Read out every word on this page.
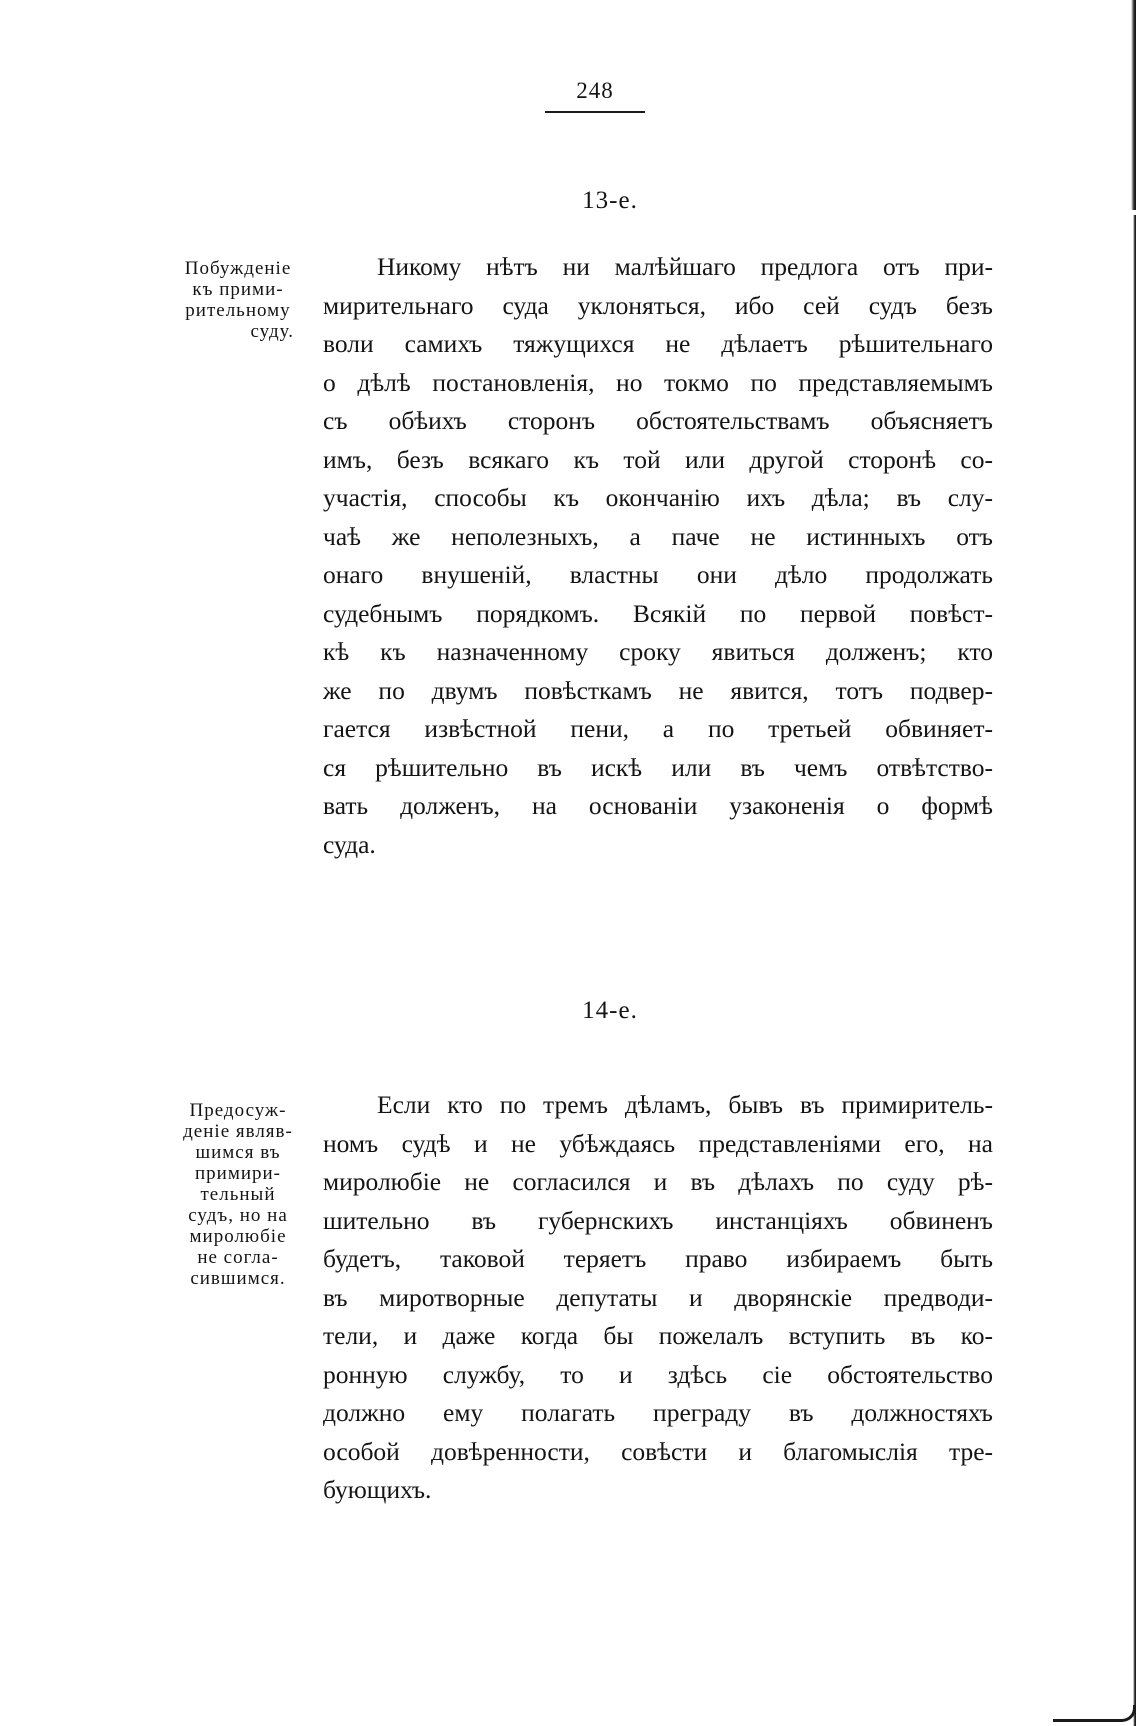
248
13-е.
Побужденіе
къ прими-
рительному
суду.
Никому нѣтъ ни малѣйшаго предлога отъ при-
мирительнаго суда уклоняться, ибо сей судъ безъ
воли самихъ тяжущихся не дѣлаетъ рѣшительнаго
о дѣлѣ постановленія, но токмо по представляемымъ
съ обѣихъ сторонъ обстоятельствамъ объясняетъ
имъ, безъ всякаго къ той или другой сторонѣ со-
участія, способы къ окончанію ихъ дѣла; въ слу-
чаѣ же неполезныхъ, а паче не истинныхъ отъ
онаго внушеній, властны они дѣло продолжать
судебнымъ порядкомъ. Всякій по первой повѣст-
кѣ къ назначенному сроку явиться долженъ; кто
же по двумъ повѣсткамъ не явится, тотъ подвер-
гается извѣстной пени, а по третьей обвиняет-
ся рѣшительно въ искѣ или въ чемъ отвѣтство-
вать долженъ, на основаніи узаконенія о формѣ
суда.
14-е.
Предосуж-
деніе являв-
шимся въ
примири-
тельный
судъ, но на
миролюбіе
не согла-
сившимся.
Если кто по тремъ дѣламъ, бывъ въ примиритель-
номъ судѣ и не убѣждаясь представленіями его, на
миролюбіе не согласился и въ дѣлахъ по суду рѣ-
шительно въ губернскихъ инстанціяхъ обвиненъ
будетъ, таковой теряетъ право избираемъ быть
въ миротворные депутаты и дворянскіе предводи-
тели, и даже когда бы пожелалъ вступить въ ко-
ронную службу, то и здѣсь сіе обстоятельство
должно ему полагать преграду въ должностяхъ
особой довѣренности, совѣсти и благомыслія тре-
бующихъ.
